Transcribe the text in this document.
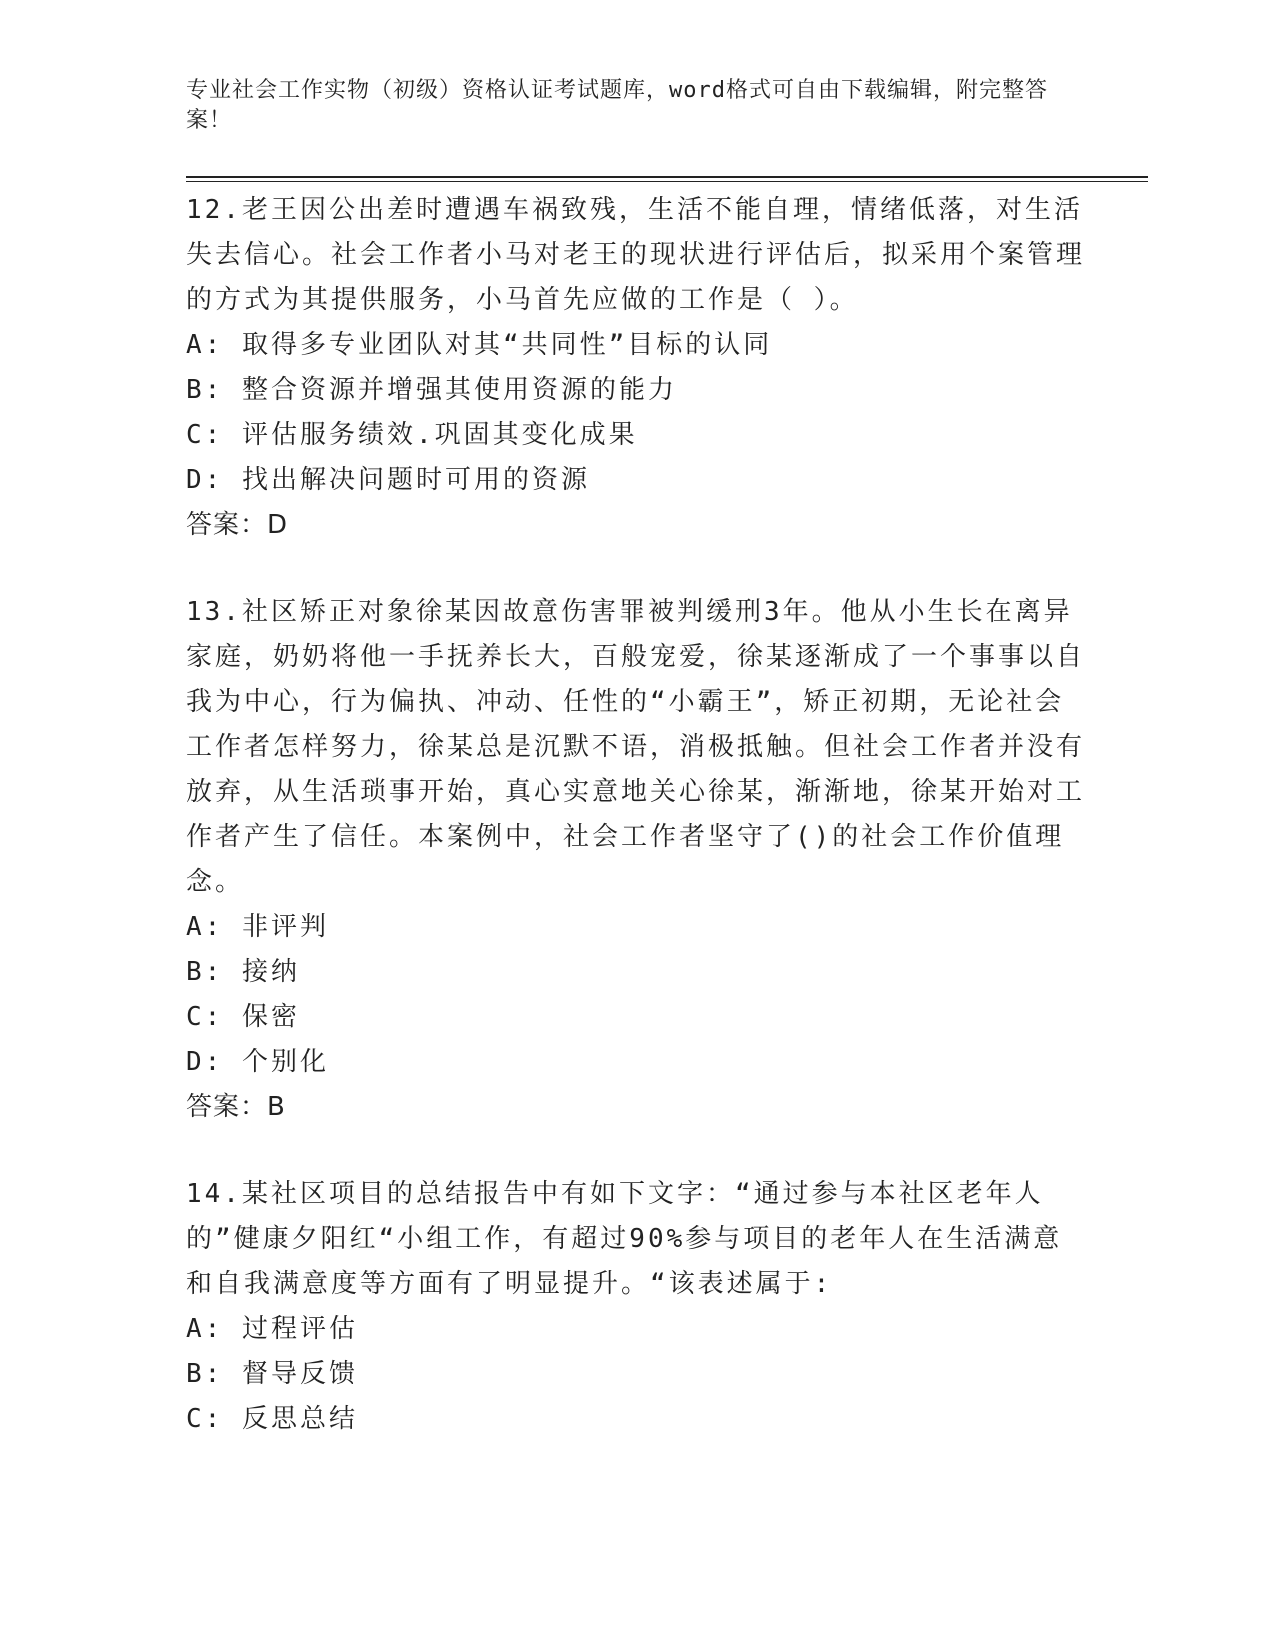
专业社会工作实物（初级）资格认证考试题库，word格式可自由下载编辑，附完整答案！

12.老王因公出差时遭遇车祸致残，生活不能自理，情绪低落，对生活失去信心。社会工作者小马对老王的现状进行评估后，拟采用个案管理的方式为其提供服务，小马首先应做的工作是（ ）。

A: 取得多专业团队对其“共同性”目标的认同

B: 整合资源并增强其使用资源的能力

C: 评估服务绩效.巩固其变化成果

D: 找出解决问题时可用的资源

答案：D

13.社区矫正对象徐某因故意伤害罪被判缓刑3年。他从小生长在离异家庭，奶奶将他一手抚养长大，百般宠爱，徐某逐渐成了一个事事以自我为中心，行为偏执、冲动、任性的“小霸王”，矫正初期，无论社会工作者怎样努力，徐某总是沉默不语，消极抵触。但社会工作者并没有放弃，从生活琐事开始，真心实意地关心徐某，渐渐地，徐某开始对工作者产生了信任。本案例中，社会工作者坚守了()的社会工作价值理念。

A: 非评判

B: 接纳

C: 保密

D: 个别化

答案：B

14.某社区项目的总结报告中有如下文字：“通过参与本社区老年人的”健康夕阳红“小组工作，有超过90%参与项目的老年人在生活满意和自我满意度等方面有了明显提升。“该表述属于:

A: 过程评估

B: 督导反馈

C: 反思总结
